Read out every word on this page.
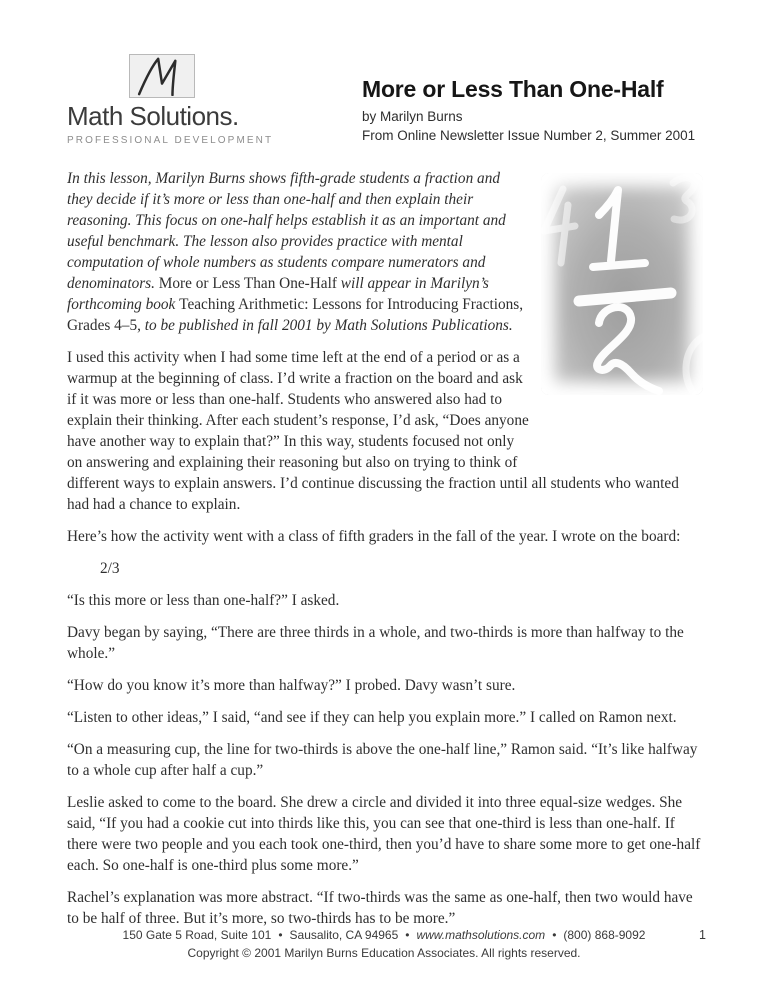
Math Solutions.
PROFESSIONAL DEVELOPMENT
More or Less Than One-Half
by Marilyn Burns
From Online Newsletter Issue Number 2, Summer 2001

In this lesson, Marilyn Burns shows fifth-grade students a fraction and they decide if it’s more or less than one-half and then explain their reasoning. This focus on one-half helps establish it as an important and useful benchmark. The lesson also provides practice with mental computation of whole numbers as students compare numerators and denominators. More or Less Than One-Half will appear in Marilyn’s forthcoming book Teaching Arithmetic: Lessons for Introducing Fractions, Grades 4–5, to be published in fall 2001 by Math Solutions Publications.

I used this activity when I had some time left at the end of a period or as a warmup at the beginning of class. I’d write a fraction on the board and ask if it was more or less than one-half. Students who answered also had to explain their thinking. After each student’s response, I’d ask, “Does anyone have another way to explain that?” In this way, students focused not only on answering and explaining their reasoning but also on trying to think of different ways to explain answers. I’d continue discussing the fraction until all students who wanted had had a chance to explain.

Here’s how the activity went with a class of fifth graders in the fall of the year. I wrote on the board:

2/3

“Is this more or less than one-half?” I asked.

Davy began by saying, “There are three thirds in a whole, and two-thirds is more than halfway to the whole.”

“How do you know it’s more than halfway?” I probed. Davy wasn’t sure.

“Listen to other ideas,” I said, “and see if they can help you explain more.” I called on Ramon next.

“On a measuring cup, the line for two-thirds is above the one-half line,” Ramon said. “It’s like halfway to a whole cup after half a cup.”

Leslie asked to come to the board. She drew a circle and divided it into three equal-size wedges. She said, “If you had a cookie cut into thirds like this, you can see that one-third is less than one-half. If there were two people and you each took one-third, then you’d have to share some more to get one-half each. So one-half is one-third plus some more.”

Rachel’s explanation was more abstract. “If two-thirds was the same as one-half, then two would have to be half of three. But it’s more, so two-thirds has to be more.”

150 Gate 5 Road, Suite 101 • Sausalito, CA 94965 • www.mathsolutions.com • (800) 868-9092
Copyright © 2001 Marilyn Burns Education Associates. All rights reserved.
1
